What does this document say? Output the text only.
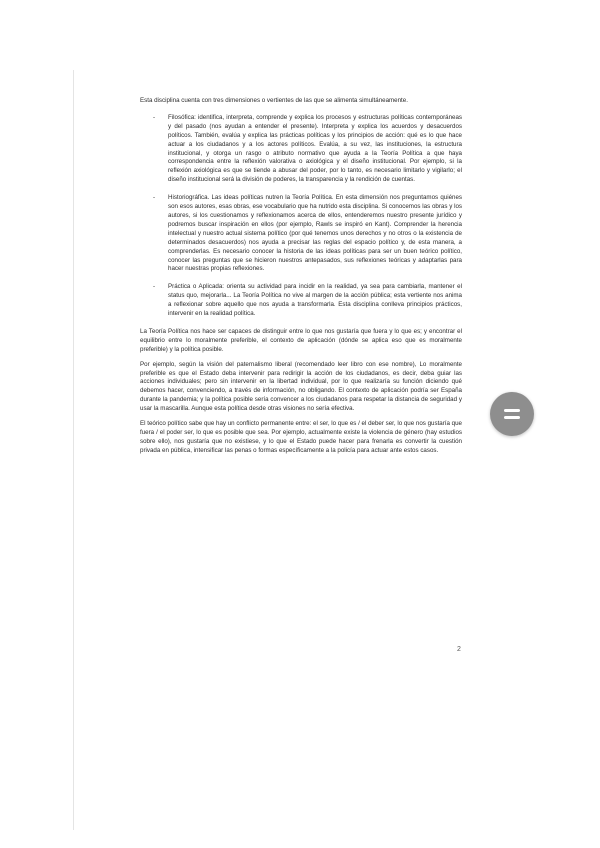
Esta disciplina cuenta con tres dimensiones o vertientes de las que se alimenta simultáneamente.

- Filosófica: identifica, interpreta, comprende y explica los procesos y estructuras políticas contemporáneas y del pasado (nos ayudan a entender el presente). Interpreta y explica los acuerdos y desacuerdos políticos. También, evalúa y explica las prácticas políticas y los principios de acción: qué es lo que hace actuar a los ciudadanos y a los actores políticos. Evalúa, a su vez, las instituciones, la estructura institucional, y otorga un rasgo o atributo normativo que ayuda a la Teoría Política a que haya correspondencia entre la reflexión valorativa o axiológica y el diseño institucional. Por ejemplo, si la reflexión axiológica es que se tiende a abusar del poder, por lo tanto, es necesario limitarlo y vigilarlo; el diseño institucional será la división de poderes, la transparencia y la rendición de cuentas.
- Historiográfica. Las ideas políticas nutren la Teoría Política. En esta dimensión nos preguntamos quiénes son esos autores, esas obras, ese vocabulario que ha nutrido esta disciplina. Si conocemos las obras y los autores, si los cuestionamos y reflexionamos acerca de ellos, entenderemos nuestro presente jurídico y podremos buscar inspiración en ellos (por ejemplo, Rawls se inspiró en Kant). Comprender la herencia intelectual y nuestro actual sistema político (por qué tenemos unos derechos y no otros o la existencia de determinados desacuerdos) nos ayuda a precisar las reglas del espacio político y, de esta manera, a comprenderlas. Es necesario conocer la historia de las ideas políticas para ser un buen teórico político, conocer las preguntas que se hicieron nuestros antepasados, sus reflexiones teóricas y adaptarlas para hacer nuestras propias reflexiones.
- Práctica o Aplicada: orienta su actividad para incidir en la realidad, ya sea para cambiarla, mantener el status quo, mejorarla... La Teoría Política no vive al margen de la acción pública; esta vertiente nos anima a reflexionar sobre aquello que nos ayuda a transformarla. Esta disciplina conlleva principios prácticos, intervenir en la realidad política.

La Teoría Política nos hace ser capaces de distinguir entre lo que nos gustaría que fuera y lo que es; y encontrar el equilibrio entre lo moralmente preferible, el contexto de aplicación (dónde se aplica eso que es moralmente preferible) y la política posible.

Por ejemplo, según la visión del paternalismo liberal (recomendado leer libro con ese nombre), Lo moralmente preferible es que el Estado deba intervenir para redirigir la acción de los ciudadanos, es decir, deba guiar las acciones individuales; pero sin intervenir en la libertad individual, por lo que realizaría su función diciendo qué debemos hacer, convenciendo, a través de información, no obligando. El contexto de aplicación podría ser España durante la pandemia; y la política posible sería convencer a los ciudadanos para respetar la distancia de seguridad y usar la mascarilla. Aunque esta política desde otras visiones no sería efectiva.

El teórico político sabe que hay un conflicto permanente entre: el ser, lo que es / el deber ser, lo que nos gustaría que fuera / el poder ser, lo que es posible que sea. Por ejemplo, actualmente existe la violencia de género (hay estudios sobre ello), nos gustaría que no existiese, y lo que el Estado puede hacer para frenarla es convertir la cuestión privada en pública, intensificar las penas o formas específicamente a la policía para actuar ante estos casos.

2
